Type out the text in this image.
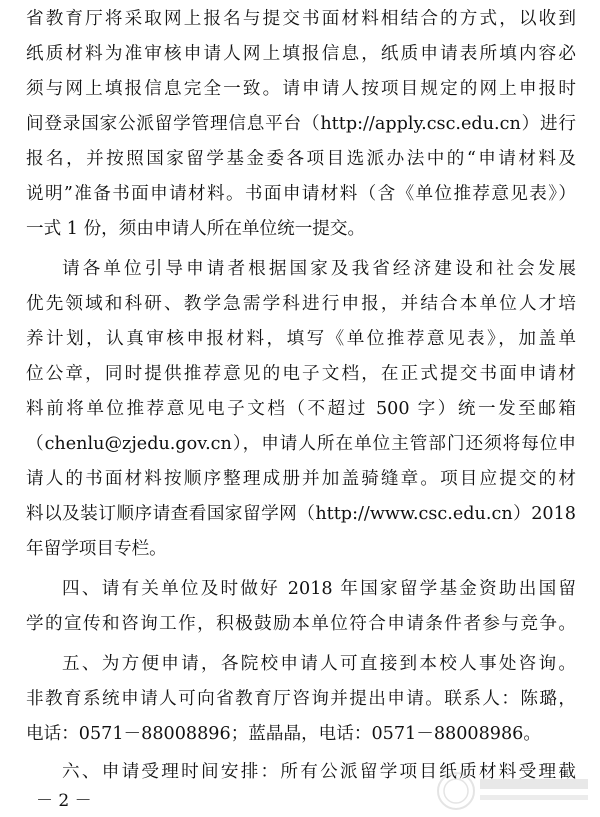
省教育厅将采取网上报名与提交书面材料相结合的方式，以收到
纸质材料为准审核申请人网上填报信息，纸质申请表所填内容必
须与网上填报信息完全一致。请申请人按项目规定的网上申报时
间登录国家公派留学管理信息平台（http://apply.csc.edu.cn）进行
报名，并按照国家留学基金委各项目选派办法中的“申请材料及
说明”准备书面申请材料。书面申请材料（含《单位推荐意见表》）
一式 1 份，须由申请人所在单位统一提交。
请各单位引导申请者根据国家及我省经济建设和社会发展
优先领域和科研、教学急需学科进行申报，并结合本单位人才培
养计划，认真审核申报材料，填写《单位推荐意见表》，加盖单
位公章，同时提供推荐意见的电子文档，在正式提交书面申请材
料前将单位推荐意见电子文档（不超过 500 字）统一发至邮箱
（chenlu@zjedu.gov.cn），申请人所在单位主管部门还须将每位申
请人的书面材料按顺序整理成册并加盖骑缝章。项目应提交的材
料以及装订顺序请查看国家留学网（http://www.csc.edu.cn）2018
年留学项目专栏。
四、请有关单位及时做好 2018 年国家留学基金资助出国留
学的宣传和咨询工作，积极鼓励本单位符合申请条件者参与竞争。
五、为方便申请，各院校申请人可直接到本校人事处咨询。
非教育系统申请人可向省教育厅咨询并提出申请。联系人：陈璐，
电话：0571－88008896；蓝晶晶，电话：0571－88008986。
六、申请受理时间安排：所有公派留学项目纸质材料受理截
－ 2 －
